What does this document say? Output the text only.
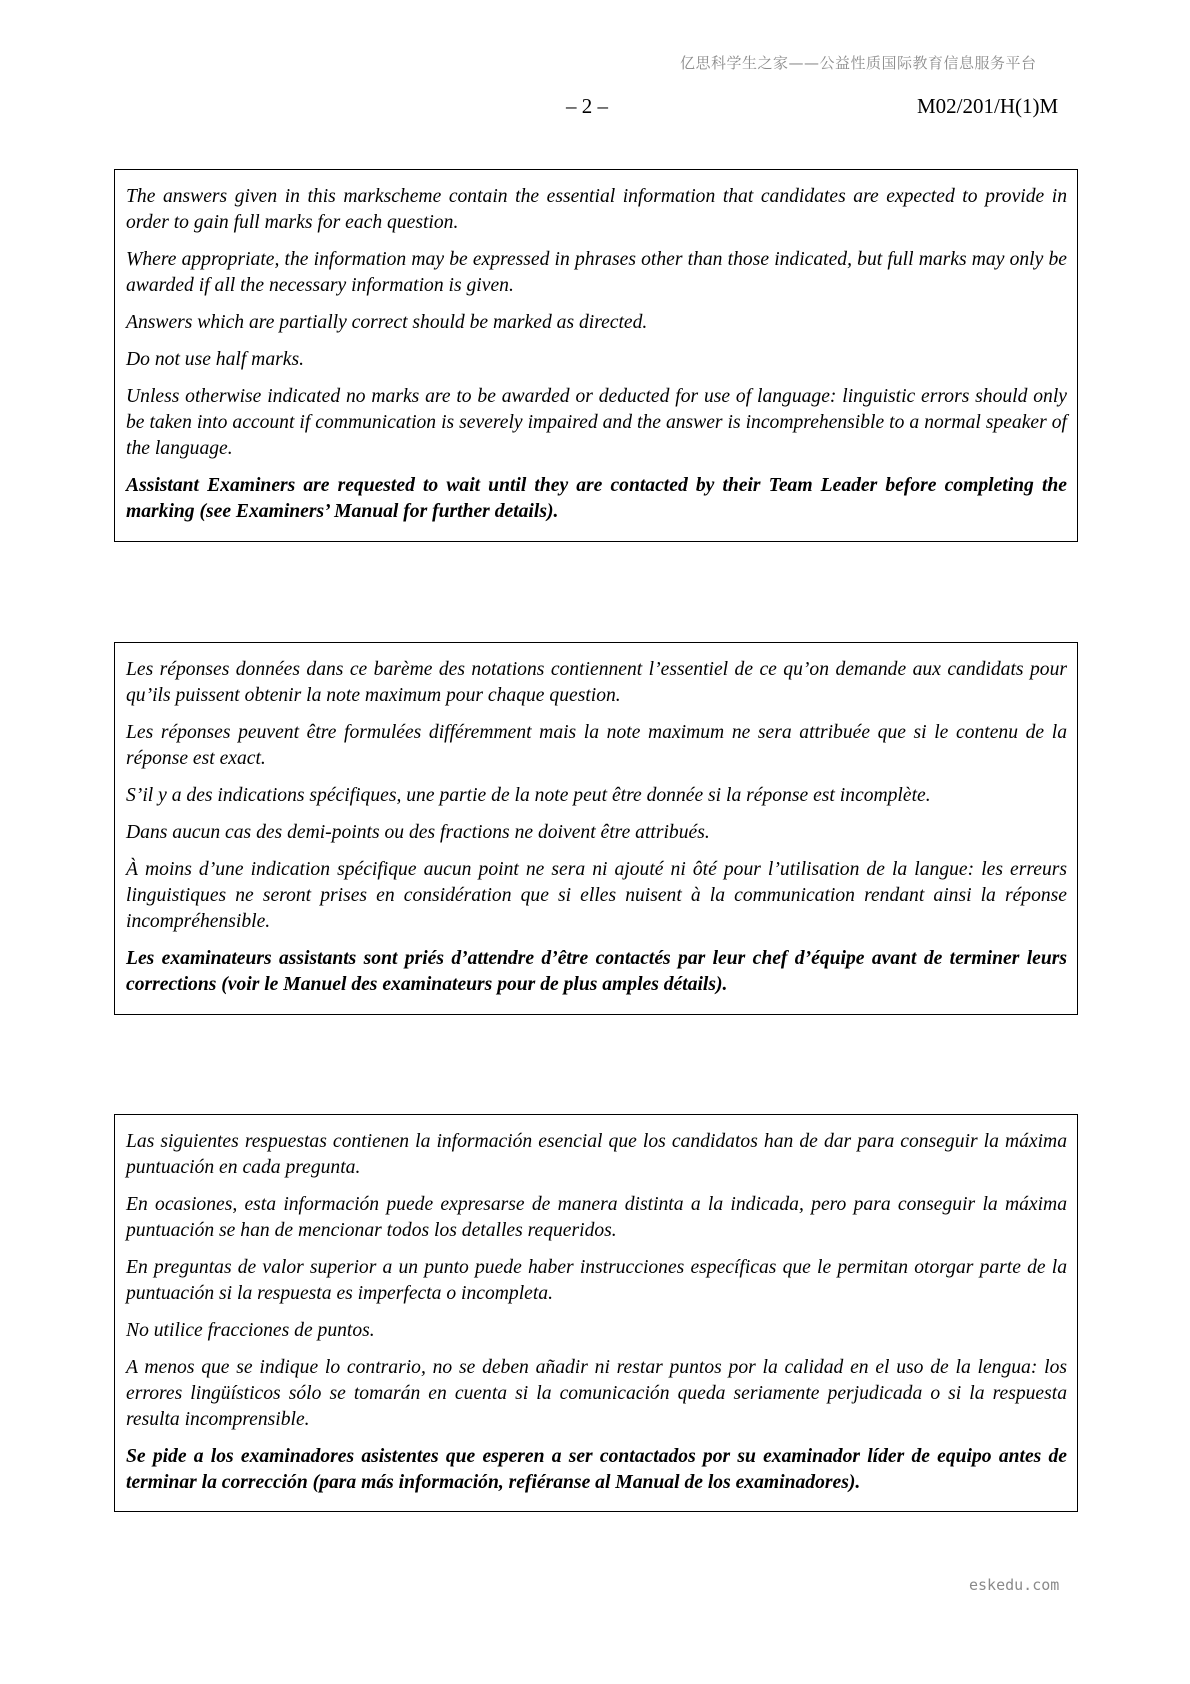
亿思科学生之家——公益性质国际教育信息服务平台
– 2 –	M02/201/H(1)M

The answers given in this markscheme contain the essential information that candidates are expected to provide in order to gain full marks for each question.

Where appropriate, the information may be expressed in phrases other than those indicated, but full marks may only be awarded if all the necessary information is given.

Answers which are partially correct should be marked as directed.

Do not use half marks.

Unless otherwise indicated no marks are to be awarded or deducted for use of language: linguistic errors should only be taken into account if communication is severely impaired and the answer is incomprehensible to a normal speaker of the language.

Assistant Examiners are requested to wait until they are contacted by their Team Leader before completing the marking (see Examiners’ Manual for further details).

Les réponses données dans ce barème des notations contiennent l’essentiel de ce qu’on demande aux candidats pour qu’ils puissent obtenir la note maximum pour chaque question.

Les réponses peuvent être formulées différemment mais la note maximum ne sera attribuée que si le contenu de la réponse est exact.

S’il y a des indications spécifiques, une partie de la note peut être donnée si la réponse est incomplète.

Dans aucun cas des demi-points ou des fractions ne doivent être attribués.

À moins d’une indication spécifique aucun point ne sera ni ajouté ni ôté pour l’utilisation de la langue: les erreurs linguistiques ne seront prises en considération que si elles nuisent à la communication rendant ainsi la réponse incompréhensible.

Les examinateurs assistants sont priés d’attendre d’être contactés par leur chef d’équipe avant de terminer leurs corrections (voir le Manuel des examinateurs pour de plus amples détails).

Las siguientes respuestas contienen la información esencial que los candidatos han de dar para conseguir la máxima puntuación en cada pregunta.

En ocasiones, esta información puede expresarse de manera distinta a la indicada, pero para conseguir la máxima puntuación se han de mencionar todos los detalles requeridos.

En preguntas de valor superior a un punto puede haber instrucciones específicas que le permitan otorgar parte de la puntuación si la respuesta es imperfecta o incompleta.

No utilice fracciones de puntos.

A menos que se indique lo contrario, no se deben añadir ni restar puntos por la calidad en el uso de la lengua: los errores lingüísticos sólo se tomarán en cuenta si la comunicación queda seriamente perjudicada o si la respuesta resulta incomprensible.

Se pide a los examinadores asistentes que esperen a ser contactados por su examinador líder de equipo antes de terminar la corrección (para más información, refiéranse al Manual de los examinadores).

eskedu.com
